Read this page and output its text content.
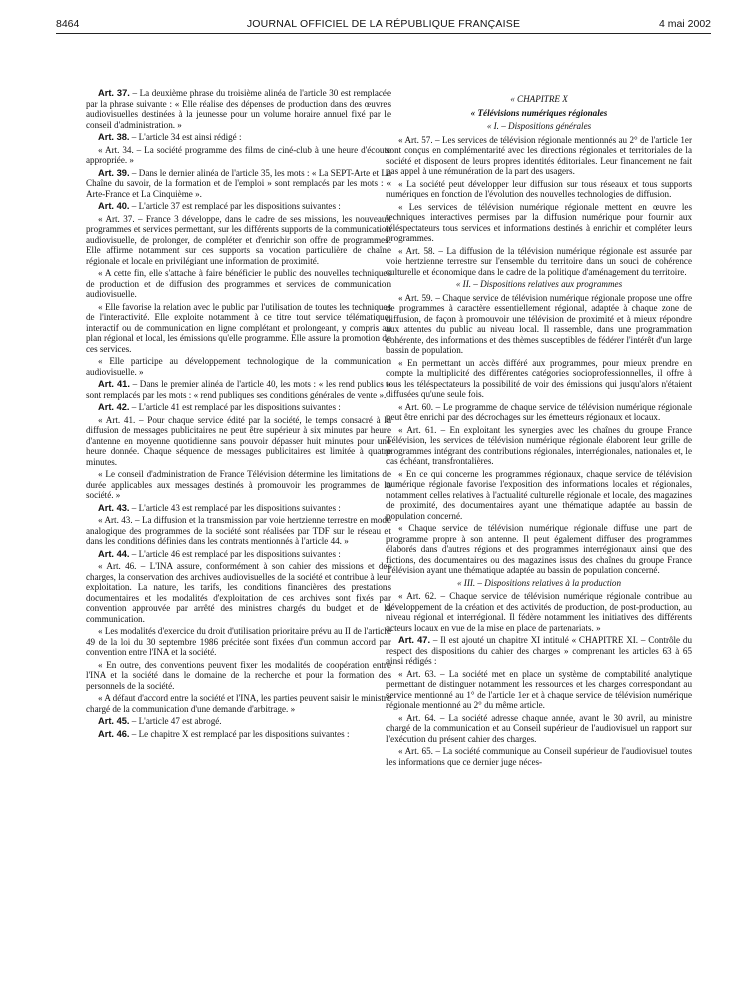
8464	JOURNAL OFFICIEL DE LA RÉPUBLIQUE FRANÇAISE	4 mai 2002

Art. 37. – La deuxième phrase du troisième alinéa de l'article 30 est remplacée par la phrase suivante : « Elle réalise des dépenses de production dans des œuvres audiovisuelles destinées à la jeunesse pour un volume horaire annuel fixé par le conseil d'administration. »

Art. 38. – L'article 34 est ainsi rédigé :

« Art. 34. – La société programme des films de ciné-club à une heure d'écoute appropriée. »

Art. 39. – Dans le dernier alinéa de l'article 35, les mots : « La SEPT-Arte et La Chaîne du savoir, de la formation et de l'emploi » sont remplacés par les mots : « Arte-France et La Cinquième ».

Art. 40. – L'article 37 est remplacé par les dispositions suivantes :

« Art. 37. – France 3 développe, dans le cadre de ses missions, les nouveaux programmes et services permettant, sur les différents supports de la communication audiovisuelle, de prolonger, de compléter et d'enrichir son offre de programmes. Elle affirme notamment sur ces supports sa vocation particulière de chaîne régionale et locale en privilégiant une information de proximité.

« A cette fin, elle s'attache à faire bénéficier le public des nouvelles techniques de production et de diffusion des programmes et services de communication audiovisuelle.

« Elle favorise la relation avec le public par l'utilisation de toutes les techniques de l'interactivité. Elle exploite notamment à ce titre tout service télématique, interactif ou de communication en ligne complétant et prolongeant, y compris au plan régional et local, les émissions qu'elle programme. Elle assure la promotion de ces services.

« Elle participe au développement technologique de la communication audiovisuelle. »

Art. 41. – Dans le premier alinéa de l'article 40, les mots : « les rend publics » sont remplacés par les mots : « rend publiques ses conditions générales de vente ».

Art. 42. – L'article 41 est remplacé par les dispositions suivantes :

« Art. 41. – Pour chaque service édité par la société, le temps consacré à la diffusion de messages publicitaires ne peut être supérieur à six minutes par heure d'antenne en moyenne quotidienne sans pouvoir dépasser huit minutes pour une heure donnée. Chaque séquence de messages publicitaires est limitée à quatre minutes.

« Le conseil d'administration de France Télévision détermine les limitations de durée applicables aux messages destinés à promouvoir les programmes de la société. »

Art. 43. – L'article 43 est remplacé par les dispositions suivantes :

« Art. 43. – La diffusion et la transmission par voie hertzienne terrestre en mode analogique des programmes de la société sont réalisées par TDF sur le réseau et dans les conditions définies dans les contrats mentionnés à l'article 44. »

Art. 44. – L'article 46 est remplacé par les dispositions suivantes :

« Art. 46. – L'INA assure, conformément à son cahier des missions et des charges, la conservation des archives audiovisuelles de la société et contribue à leur exploitation. La nature, les tarifs, les conditions financières des prestations documentaires et les modalités d'exploitation de ces archives sont fixés par convention approuvée par arrêté des ministres chargés du budget et de la communication.

« Les modalités d'exercice du droit d'utilisation prioritaire prévu au II de l'article 49 de la loi du 30 septembre 1986 précitée sont fixées d'un commun accord par convention entre l'INA et la société.

« En outre, des conventions peuvent fixer les modalités de coopération entre l'INA et la société dans le domaine de la recherche et pour la formation des personnels de la société.

« A défaut d'accord entre la société et l'INA, les parties peuvent saisir le ministre chargé de la communication d'une demande d'arbitrage. »

Art. 45. – L'article 47 est abrogé.

Art. 46. – Le chapitre X est remplacé par les dispositions suivantes :

« CHAPITRE X

« Télévisions numériques régionales

« I. – Dispositions générales

« Art. 57. – Les services de télévision régionale mentionnés au 2° de l'article 1er sont conçus en complémentarité avec les directions régionales et territoriales de la société et disposent de leurs propres identités éditoriales. Leur financement ne fait pas appel à une rémunération de la part des usagers.

« La société peut développer leur diffusion sur tous réseaux et tous supports numériques en fonction de l'évolution des nouvelles technologies de diffusion.

« Les services de télévision numérique régionale mettent en œuvre les techniques interactives permises par la diffusion numérique pour fournir aux téléspectateurs tous services et informations destinés à enrichir et compléter leurs programmes.

« Art. 58. – La diffusion de la télévision numérique régionale est assurée par voie hertzienne terrestre sur l'ensemble du territoire dans un souci de cohérence culturelle et économique dans le cadre de la politique d'aménagement du territoire.

« II. – Dispositions relatives aux programmes

« Art. 59. – Chaque service de télévision numérique régionale propose une offre de programmes à caractère essentiellement régional, adaptée à chaque zone de diffusion, de façon à promouvoir une télévision de proximité et à mieux répondre aux attentes du public au niveau local. Il rassemble, dans une programmation cohérente, des informations et des thèmes susceptibles de fédérer l'intérêt d'un large bassin de population.

« En permettant un accès différé aux programmes, pour mieux prendre en compte la multiplicité des différentes catégories socioprofessionnelles, il offre à tous les téléspectateurs la possibilité de voir des émissions qui jusqu'alors n'étaient diffusées qu'une seule fois.

« Art. 60. – Le programme de chaque service de télévision numérique régionale peut être enrichi par des décrochages sur les émetteurs régionaux et locaux.

« Art. 61. – En exploitant les synergies avec les chaînes du groupe France Télévision, les services de télévision numérique régionale élaborent leur grille de programmes intégrant des contributions régionales, interrégionales, nationales et, le cas échéant, transfrontalières.

« En ce qui concerne les programmes régionaux, chaque service de télévision numérique régionale favorise l'exposition des informations locales et régionales, notamment celles relatives à l'actualité culturelle régionale et locale, des magazines de proximité, des documentaires ayant une thématique adaptée au bassin de population concerné.

« Chaque service de télévision numérique régionale diffuse une part de programme propre à son antenne. Il peut également diffuser des programmes élaborés dans d'autres régions et des programmes interrégionaux ainsi que des fictions, des documentaires ou des magazines issus des chaînes du groupe France Télévision ayant une thématique adaptée au bassin de population concerné.

« III. – Dispositions relatives à la production

« Art. 62. – Chaque service de télévision numérique régionale contribue au développement de la création et des activités de production, de post-production, au niveau régional et interrégional. Il fédère notamment les initiatives des différents acteurs locaux en vue de la mise en place de partenariats. »

Art. 47. – Il est ajouté un chapitre XI intitulé « CHAPITRE XI. – Contrôle du respect des dispositions du cahier des charges » comprenant les articles 63 à 65 ainsi rédigés :

« Art. 63. – La société met en place un système de comptabilité analytique permettant de distinguer notamment les ressources et les charges correspondant au service mentionné au 1° de l'article 1er et à chaque service de télévision numérique régionale mentionné au 2° du même article.

« Art. 64. – La société adresse chaque année, avant le 30 avril, au ministre chargé de la communication et au Conseil supérieur de l'audiovisuel un rapport sur l'exécution du présent cahier des charges.

« Art. 65. – La société communique au Conseil supérieur de l'audiovisuel toutes les informations que ce dernier juge néces-
